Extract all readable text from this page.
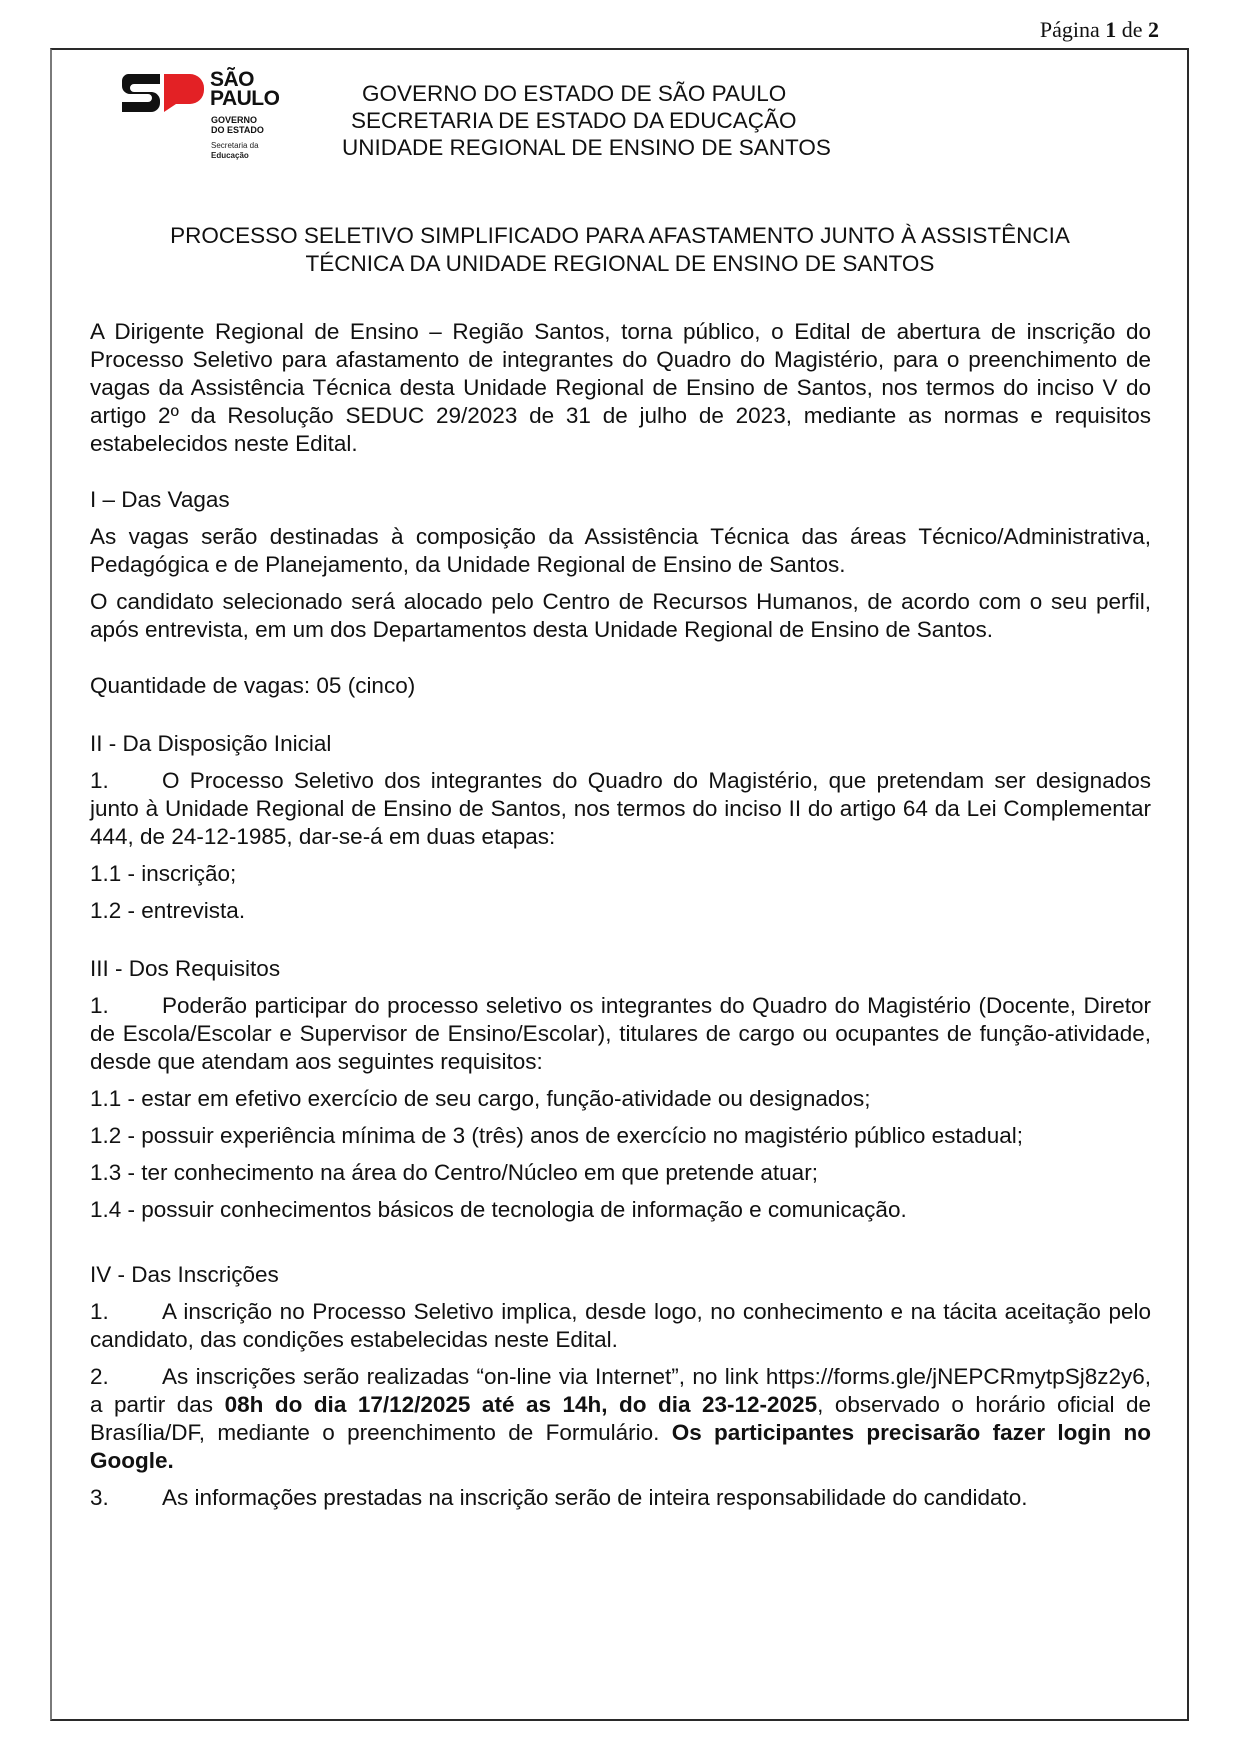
Página 1 de 2
SÃO
PAULO
GOVERNO
DO ESTADO
Secretaria da
Educação
GOVERNO DO ESTADO DE SÃO PAULO
SECRETARIA DE ESTADO DA EDUCAÇÃO
UNIDADE REGIONAL DE ENSINO DE SANTOS
PROCESSO SELETIVO SIMPLIFICADO PARA AFASTAMENTO JUNTO À ASSISTÊNCIA
TÉCNICA DA UNIDADE REGIONAL DE ENSINO DE SANTOS

A Dirigente Regional de Ensino – Região Santos, torna público, o Edital de abertura de inscrição do Processo Seletivo para afastamento de integrantes do Quadro do Magistério, para o preenchimento de vagas da Assistência Técnica desta Unidade Regional de Ensino de Santos, nos termos do inciso V do artigo 2º da Resolução SEDUC 29/2023 de 31 de julho de 2023, mediante as normas e requisitos estabelecidos neste Edital.

I – Das Vagas

As vagas serão destinadas à composição da Assistência Técnica das áreas Técnico/Administrativa, Pedagógica e de Planejamento, da Unidade Regional de Ensino de Santos.

O candidato selecionado será alocado pelo Centro de Recursos Humanos, de acordo com o seu perfil, após entrevista, em um dos Departamentos desta Unidade Regional de Ensino de Santos.

Quantidade de vagas: 05 (cinco)

II - Da Disposição Inicial

1. O Processo Seletivo dos integrantes do Quadro do Magistério, que pretendam ser designados junto à Unidade Regional de Ensino de Santos, nos termos do inciso II do artigo 64 da Lei Complementar 444, de 24-12-1985, dar-se-á em duas etapas:

1.1 - inscrição;

1.2 - entrevista.

III - Dos Requisitos

1. Poderão participar do processo seletivo os integrantes do Quadro do Magistério (Docente, Diretor de Escola/Escolar e Supervisor de Ensino/Escolar), titulares de cargo ou ocupantes de função-atividade, desde que atendam aos seguintes requisitos:

1.1 - estar em efetivo exercício de seu cargo, função-atividade ou designados;

1.2 - possuir experiência mínima de 3 (três) anos de exercício no magistério público estadual;

1.3 - ter conhecimento na área do Centro/Núcleo em que pretende atuar;

1.4 - possuir conhecimentos básicos de tecnologia de informação e comunicação.

IV - Das Inscrições

1. A inscrição no Processo Seletivo implica, desde logo, no conhecimento e na tácita aceitação pelo candidato, das condições estabelecidas neste Edital.

2. As inscrições serão realizadas “on-line via Internet”, no link https://forms.gle/jNEPCRmytpSj8z2y6, a partir das 08h do dia 17/12/2025 até as 14h, do dia 23-12-2025, observado o horário oficial de Brasília/DF, mediante o preenchimento de Formulário. Os participantes precisarão fazer login no Google.

3. As informações prestadas na inscrição serão de inteira responsabilidade do candidato.
